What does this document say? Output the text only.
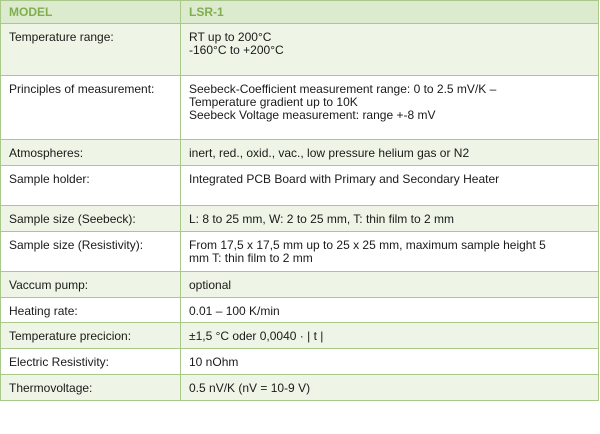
MODEL	LSR-1
Temperature range:	RT up to 200°C
-160°C to +200°C

Principles of measurement:	Seebeck-Coefficient measurement range: 0 to 2.5 mV/K –
Temperature gradient up to 10K
Seebeck Voltage measurement: range +-8 mV

Atmospheres:	inert, red., oxid., vac., low pressure helium gas or N2

Sample holder:	Integrated PCB Board with Primary and Secondary Heater

Sample size (Seebeck):	L: 8 to 25 mm, W: 2 to 25 mm, T: thin film to 2 mm

Sample size (Resistivity):	From 17,5 x 17,5 mm up to 25 x 25 mm, maximum sample height 5
mm T: thin film to 2 mm

Vaccum pump:	optional

Heating rate:	0.01 – 100 K/min

Temperature precicion:	±1,5 °C oder 0,0040 · | t |

Electric Resistivity:	10 nOhm

Thermovoltage:	0.5 nV/K (nV = 10-9 V)
